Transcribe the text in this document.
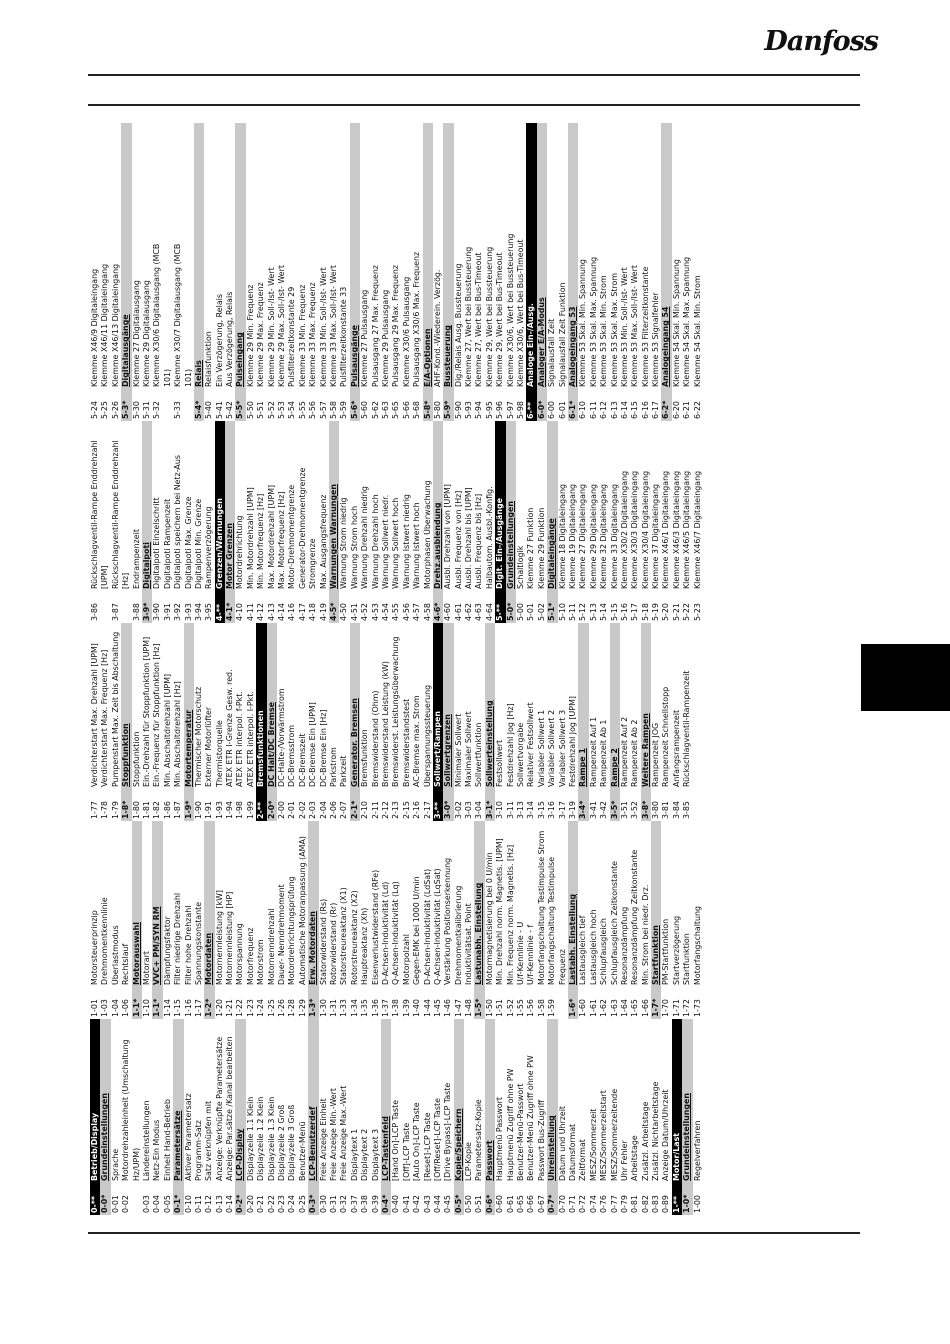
Danfoss
0-**
Betrieb/Display
0-0*
Grundeinstellungen
0-01
Sprache
0-02
Motordrehzahleinheit (Umschaltung Hz/UPM)
0-03
Ländereinstellungen
0-04
Netz-Ein Modus
0-05
Einheit Hand-Betrieb
0-1*
Parametersätze
0-10
Aktiver Parametersatz
0-11
Programm-Satz
0-12
Satz verknüpfen mit
0-13
Anzeige: Verknüpfte Parametersätze
0-14
Anzeige: Par.sätze /Kanal bearbeiten
0-2*
LCP-Display
0-20
Displayzeile 1.1 Klein
0-21
Displayzeile 1.2 Klein
0-22
Displayzeile 1.3 Klein
0-23
Displayzeile 2 Groß
0-24
Displayzeile 3 Groß
0-25
Benutzer-Menü
0-3*
LCP-Benutzerdef
0-30
Freie Anzeige Einheit
0-31
Freie Anzeige Min.-Wert
0-32
Freie Anzeige Max.-Wert
0-37
Displaytext 1
0-38
Displaytext 2
0-39
Displaytext 3
0-4*
LCP-Tastenfeld
0-40
[Hand On]-LCP Taste
0-41
[Off]-LCP Taste
0-42
[Auto On]-LCP Taste
0-43
[Reset]-LCP Taste
0-44
[Off/Reset]-LCP Taste
0-45
[Drive Bypass]-LCP Taste
0-5*
Kopie/Speichern
0-50
LCP-Kopie
0-51
Parametersatz-Kopie
0-6*
Passwort
0-60
Hauptmenü Passwort
0-61
Hauptmenü Zugriff ohne PW
0-65
Benutzer-Menü-Passwort
0-66
Benutzer-Menü Zugriff ohne PW
0-67
Passwort Bus-Zugriff
0-7*
Uhreinstellung
0-70
Datum und Uhrzeit
0-71
Datumsformat
0-72
Zeitformat
0-74
MESZ/Sommerzeit
0-76
MESZ/Sommerzeitstart
0-77
MESZ/Sommerzeitende
0-79
Uhr Fehler
0-81
Arbeitstage
0-82
Zusätzl. Arbeitstage
0-83
Zusätzl. Nichtarbeitstage
0-89
Anzeige Datum/Uhrzeit
1-**
Motor/Last
1-0*
Grundeinstellungen
1-00
Regelverfahren
1-01
Motorsteuerprinzip
1-03
Drehmomentkennlinie
1-04
Überlastmodus
1-06
Rechtslauf
1-1*
Motorauswahl
1-10
Motorart
1-1*
VVC+ PM/SYN RM
1-14
Dämpfungsfaktor
1-15
Filter niedrige Drehzahl
1-16
Filter hohe Drehzahl
1-17
Spannungskonstante
1-2*
Motordaten
1-20
Motornennleistung [kW]
1-21
Motornennleistung [HP]
1-22
Motorspannung
1-23
Motorfrequenz
1-24
Motorstrom
1-25
Motornenndrehzahl
1-26
Dauer- Nenndrehmoment
1-28
Motordrehrichtungsprüfung
1-29
Automatische Motoranpassung (AMA)
1-3*
Erw. Motordaten
1-30
Statorwiderstand (Rs)
1-31
Rotorwiderstand (Rr)
1-33
Statorstreureaktanz (X1)
1-34
Rotorstreureaktanz (X2)
1-35
Hauptreaktanz (Xh)
1-36
Eisenverlustwiderstand (RFe)
1-37
D-Achsen-Induktivität (Ld)
1-38
Q-Achsen-Induktivität (Lq)
1-39
Motorpolzahl
1-40
Gegen-EMK bei 1000 U/min
1-44
D-Achsen-Induktivität (LdSat)
1-45
Q-Achsen-Induktivität (LqSat)
1-46
Verstärkung Positionserkennung
1-47
Drehmomentkalibrierung
1-48
Induktivitätsat. Point
1-5*
Lastunabh. Einstellung
1-50
Motormagnetisierung bei 0 U/min
1-51
Min. Drehzahl norm. Magnetis. [UPM]
1-52
Min. Frequenz norm. Magnetis. [Hz]
1-55
U/f-Kennlinie - U
1-56
U/f-Kennlinie - f
1-58
Motorfangschaltung Testimpulse Strom
1-59
Motorfangschaltung Testimpulse Frequenz
1-6*
Lastabh. Einstellung
1-60
Lastausgleich tief
1-61
Lastausgleich hoch
1-62
Schlupfausgleich
1-63
Schlupfausgleich Zeitkonstante
1-64
Resonanzdämpfung
1-65
Resonanzdämpfung Zeitkonstante
1-66
Min. Strom bei niedr. Drz.
1-7*
Startfunktion
1-70
PM-Startfunktion
1-71
Startverzögerung
1-72
Startfunktion
1-73
Motorfangschaltung
1-77
Verdichterstart Max. Drehzahl [UPM]
1-78
Verdichterstart Max. Frequenz [Hz]
1-79
Pumpenstart Max. Zeit bis Abschaltung
1-8*
Stoppfunktion
1-80
Stoppfunktion
1-81
Ein.-Drehzahl für Stoppfunktion [UPM]
1-82
Ein.-Frequenz für Stoppfunktion [Hz]
1-86
Min. Abschaltdrehzahl [UPM]
1-87
Min. Abschaltdrehzahl [Hz]
1-9*
Motortemperatur
1-90
Thermischer Motorschutz
1-91
Externer Motorlüfter
1-93
Thermistorquelle
1-94
ATEX ETR I-Grenze Gesw. red.
1-98
ATEX ETR interpol. f-Pkt.
1-99
ATEX ETR interpol. I-Pkt.
2-**
Bremsfunktionen
2-0*
DC Halt/DC Bremse
2-00
DC-Halte-/Vorwärmstrom
2-01
DC-Bremsstrom
2-02
DC-Bremszeit
2-03
DC-Bremse Ein [UPM]
2-04
DC-Bremse Ein [Hz]
2-06
Parkstrom
2-07
Parkzeit
2-1*
Generator. Bremsen
2-10
Bremsfunktion
2-11
Bremswiderstand (Ohm)
2-12
Bremswiderstand Leistung (kW)
2-13
Bremswiderst. Leistungsüberwachung
2-15
Bremswiderstandstest
2-16
AC-Bremse max. Strom
2-17
Überspannungssteuerung
3-**
Sollwert/Rampen
3-0*
Sollwertgrenzen
3-02
Minimaler Sollwert
3-03
Maximaler Sollwert
3-04
Sollwertfunktion
3-1*
Sollwerteinstellung
3-10
Festsollwert
3-11
Festdrehzahl Jog [Hz]
3-13
Sollwertvorgabe
3-14
Relativer Festsollwert
3-15
Variabler Sollwert 1
3-16
Variabler Sollwert 2
3-17
Variabler Sollwert 3
3-19
Festdrehzahl Jog [UPM]
3-4*
Rampe 1
3-41
Rampenzeit Auf 1
3-42
Rampenzeit Ab 1
3-5*
Rampe 2
3-51
Rampenzeit Auf 2
3-52
Rampenzeit Ab 2
3-8*
Weitere Rampen
3-80
Rampenzeit JOG
3-81
Rampenzeit Schnellstopp
3-84
Anfangsrampenzeit
3-85
Rückschlagventil-Rampenzeit
3-86
Rückschlagventil-Rampe Enddrehzahl [UPM]
3-87
Rückschlagventil-Rampe Enddrehzahl [Hz]
3-88
Endrampenzeit
3-9*
Digitalpoti
3-90
Digitalpoti Einzelschritt
3-91
Digitalpoti Rampenzeit
3-92
Digitalpoti speichern bei Netz-Aus
3-93
Digitalpoti Max. Grenze
3-94
Digitalpoti Min. Grenze
3-95
Rampenverzögerung
4-**
Grenzen/Warnungen
4-1*
Motor Grenzen
4-10
Motordrehrichtung
4-11
Min. Motordrehzahl [UPM]
4-12
Min. Motorfrequenz [Hz]
4-13
Max. Motordrehzahl [UPM]
4-14
Max. Motorfrequenz [Hz]
4-16
Motor-Drehmomentgrenze
4-17
Generator-Drehmomentgrenze
4-18
Stromgrenze
4-19
Max. Ausgangsfrequenz
4-5*
Warnungen Warnungen
4-50
Warnung Strom niedrig
4-51
Warnung Strom hoch
4-52
Warnung Drehzahl niedrig
4-53
Warnung Drehzahl hoch
4-54
Warnung Sollwert niedr.
4-55
Warnung Sollwert hoch
4-56
Warnung Istwert niedrig
4-57
Warnung Istwert hoch
4-58
Motorphasen Überwachung
4-6*
Drehz.ausblendung
4-60
Ausbl. Drehzahl von [UPM]
4-61
Ausbl. Frequenz von [Hz]
4-62
Ausbl. Drehzahl bis [UPM]
4-63
Ausbl. Frequenz bis [Hz]
4-64
Halbautom. Ausbl.-Konfig.
5-**
Digit. Ein-/Ausgänge
5-0*
Grundeinstellungen
5-00
Schaltlogik
5-01
Klemme 27 Funktion
5-02
Klemme 29 Funktion
5-1*
Digitaleingänge
5-10
Klemme 18 Digitaleingang
5-11
Klemme 19 Digitaleingang
5-12
Klemme 27 Digitaleingang
5-13
Klemme 29 Digitaleingang
5-14
Klemme 32 Digitaleingang
5-15
Klemme 33 Digitaleingang
5-16
Klemme X30/2 Digitaleingang
5-17
Klemme X30/3 Digitaleingang
5-18
Klemme X30/4 Digitaleingang
5-19
Klemme 37 Digitaleingang
5-20
Klemme X46/1 Digitaleingang
5-21
Klemme X46/3 Digitaleingang
5-22
Klemme X46/5 Digitaleingang
5-23
Klemme X46/7 Digitaleingang
5-24
Klemme X46/9 Digitaleingang
5-25
Klemme X46/11 Digitaleingang
5-26
Klemme X46/13 Digitaleingang
5-3*
Digitalausgänge
5-30
Klemme 27 Digitalausgang
5-31
Klemme 29 Digitalausgang
5-32
Klemme X30/6 Digitalausgang (MCB 101)
5-33
Klemme X30/7 Digitalausgang (MCB 101)
5-4*
Relais
5-40
Relaisfunktion
5-41
Ein Verzögerung, Relais
5-42
Aus Verzögerung, Relais
5-5*
Pulseingang
5-50
Klemme 29 Min. Frequenz
5-51
Klemme 29 Max. Frequenz
5-52
Klemme 29 Min. Soll-/Ist- Wert
5-53
Klemme 29 Max. Soll-/Ist- Wert
5-54
Pulsfilterzeitkonstante 29
5-55
Klemme 33 Min. Frequenz
5-56
Klemme 33 Max. Frequenz
5-57
Klemme 33 Min. Soll-/Ist- Wert
5-58
Klemme 33 Max. Soll-/Ist- Wert
5-59
Pulsfilterzeitkonstante 33
5-6*
Pulsausgänge
5-60
Klemme 27 Pulsausgang
5-62
Pulsausgang 27 Max. Frequenz
5-63
Klemme 29 Pulsausgang
5-65
Pulsausgang 29 Max. Frequenz
5-66
Klemme X30/6 Pulsausgang
5-68
Pulsausgang X30/6 Max. Frequenz
5-8*
E/A-Optionen
5-80
AHF-Kond.-Wiederein. Verzög.
5-9*
Bussteuerung
5-90
Dig./Relais Ausg. Bussteuerung
5-93
Klemme 27, Wert bei Bussteuerung
5-94
Klemme 27, Wert bei Bus-Timeout
5-95
Klemme 29, Wert bei Bussteuerung
5-96
Klemme 29, Wert bei Bus-Timeout
5-97
Klemme X30/6, Wert bei Bussteuerung
5-98
Klemme X30/6, Wert bei Bus-Timeout
6-**
Analoge Ein-/Ausg.
6-0*
Analoger E/A-Modus
6-00
Signalausfall Zeit
6-01
Signalausfall Zeit Funktion
6-1*
Analogeingang 53
6-10
Klemme 53 Skal. Min. Spannung
6-11
Klemme 53 Skal. Max. Spannung
6-12
Klemme 53 Skal. Min. Strom
6-13
Klemme 53 Skal. Max. Strom
6-14
Klemme 53 Min. Soll-/Ist- Wert
6-15
Klemme 53 Max. Soll-/Ist- Wert
6-16
Klemme 53 Filterzeitkonstante
6-17
Klemme 53 Signalfehler
6-2*
Analogeingang 54
6-20
Klemme 54 Skal. Min. Spannung
6-21
Klemme 54 Skal. Max. Spannung
6-22
Klemme 54 Skal. Min. Strom
